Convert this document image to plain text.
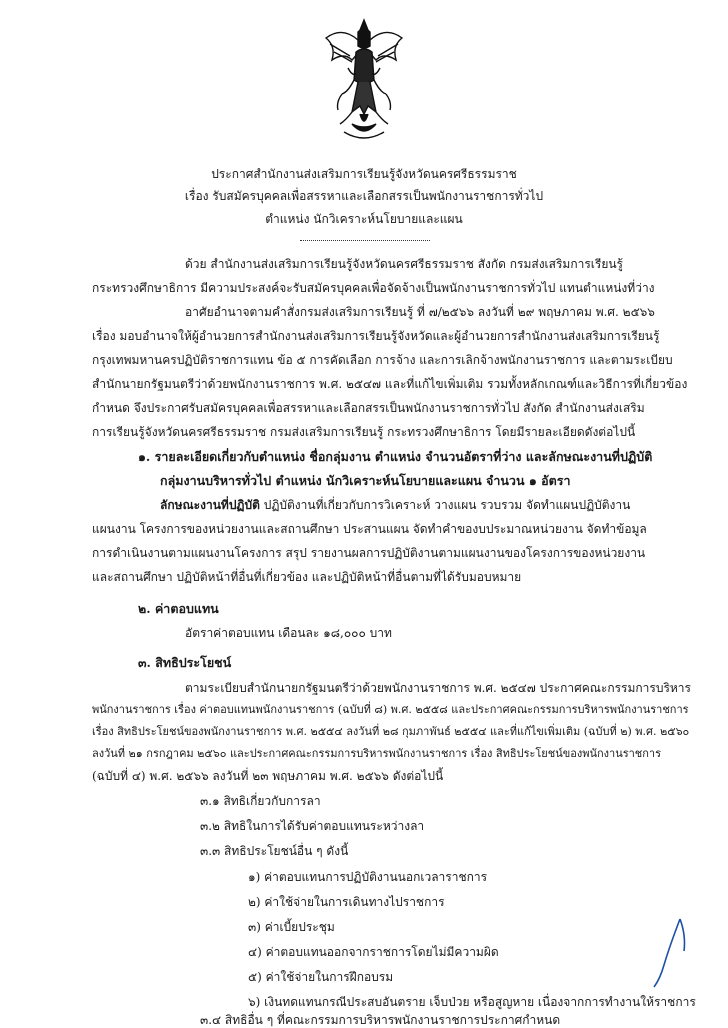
ประกาศสำนักงานส่งเสริมการเรียนรู้จังหวัดนครศรีธรรมราช
เรื่อง รับสมัครบุคคลเพื่อสรรหาและเลือกสรรเป็นพนักงานราชการทั่วไป
ตำแหน่ง นักวิเคราะห์นโยบายและแผน
ด้วย สำนักงานส่งเสริมการเรียนรู้จังหวัดนครศรีธรรมราช สังกัด กรมส่งเสริมการเรียนรู้
กระทรวงศึกษาธิการ มีความประสงค์จะรับสมัครบุคคลเพื่อจัดจ้างเป็นพนักงานราชการทั่วไป แทนตำแหน่งที่ว่าง
อาศัยอำนาจตามคำสั่งกรมส่งเสริมการเรียนรู้ ที่ ๗/๒๕๖๖ ลงวันที่ ๒๙ พฤษภาคม พ.ศ. ๒๕๖๖
เรื่อง มอบอำนาจให้ผู้อำนวยการสำนักงานส่งเสริมการเรียนรู้จังหวัดและผู้อำนวยการสำนักงานส่งเสริมการเรียนรู้
กรุงเทพมหานครปฏิบัติราชการแทน ข้อ ๕ การคัดเลือก การจ้าง และการเลิกจ้างพนักงานราชการ และตามระเบียบ
สำนักนายกรัฐมนตรีว่าด้วยพนักงานราชการ พ.ศ. ๒๕๔๗ และที่แก้ไขเพิ่มเติม รวมทั้งหลักเกณฑ์และวิธีการที่เกี่ยวข้อง
กำหนด จึงประกาศรับสมัครบุคคลเพื่อสรรหาและเลือกสรรเป็นพนักงานราชการทั่วไป สังกัด สำนักงานส่งเสริม
การเรียนรู้จังหวัดนครศรีธรรมราช กรมส่งเสริมการเรียนรู้ กระทรวงศึกษาธิการ โดยมีรายละเอียดดังต่อไปนี้
๑. รายละเอียดเกี่ยวกับตำแหน่ง ชื่อกลุ่มงาน ตำแหน่ง จำนวนอัตราที่ว่าง และลักษณะงานที่ปฏิบัติ
กลุ่มงานบริหารทั่วไป ตำแหน่ง นักวิเคราะห์นโยบายและแผน จำนวน ๑ อัตรา
ลักษณะงานที่ปฏิบัติ ปฏิบัติงานที่เกี่ยวกับการวิเคราะห์ วางแผน รวบรวม จัดทำแผนปฏิบัติงาน
แผนงาน โครงการของหน่วยงานและสถานศึกษา ประสานแผน จัดทำคำของบประมาณหน่วยงาน จัดทำข้อมูล
การดำเนินงานตามแผนงานโครงการ สรุป รายงานผลการปฏิบัติงานตามแผนงานของโครงการของหน่วยงาน
และสถานศึกษา ปฏิบัติหน้าที่อื่นที่เกี่ยวข้อง และปฏิบัติหน้าที่อื่นตามที่ได้รับมอบหมาย
๒. ค่าตอบแทน
อัตราค่าตอบแทน เดือนละ ๑๘,๐๐๐ บาท
๓. สิทธิประโยชน์
ตามระเบียบสำนักนายกรัฐมนตรีว่าด้วยพนักงานราชการ พ.ศ. ๒๕๔๗ ประกาศคณะกรรมการบริหาร
พนักงานราชการ เรื่อง ค่าตอบแทนพนักงานราชการ (ฉบับที่ ๘) พ.ศ. ๒๕๕๘ และประกาศคณะกรรมการบริหารพนักงานราชการ
เรื่อง สิทธิประโยชน์ของพนักงานราชการ พ.ศ. ๒๕๕๔ ลงวันที่ ๒๘ กุมภาพันธ์ ๒๕๕๔ และที่แก้ไขเพิ่มเติม (ฉบับที่ ๒) พ.ศ. ๒๕๖๐
ลงวันที่ ๒๑ กรกฎาคม ๒๕๖๐ และประกาศคณะกรรมการบริหารพนักงานราชการ เรื่อง สิทธิประโยชน์ของพนักงานราชการ
(ฉบับที่ ๔) พ.ศ. ๒๕๖๖ ลงวันที่ ๒๓ พฤษภาคม พ.ศ. ๒๕๖๖ ดังต่อไปนี้
๓.๑ สิทธิเกี่ยวกับการลา
๓.๒ สิทธิในการได้รับค่าตอบแทนระหว่างลา
๓.๓ สิทธิประโยชน์อื่น ๆ ดังนี้
๑) ค่าตอบแทนการปฏิบัติงานนอกเวลาราชการ
๒) ค่าใช้จ่ายในการเดินทางไปราชการ
๓) ค่าเบี้ยประชุม
๔) ค่าตอบแทนออกจากราชการโดยไม่มีความผิด
๕) ค่าใช้จ่ายในการฝึกอบรม
๖) เงินทดแทนกรณีประสบอันตราย เจ็บป่วย หรือสูญหาย เนื่องจากการทำงานให้ราชการ
๓.๔ สิทธิอื่น ๆ ที่คณะกรรมการบริหารพนักงานราชการประกาศกำหนด
